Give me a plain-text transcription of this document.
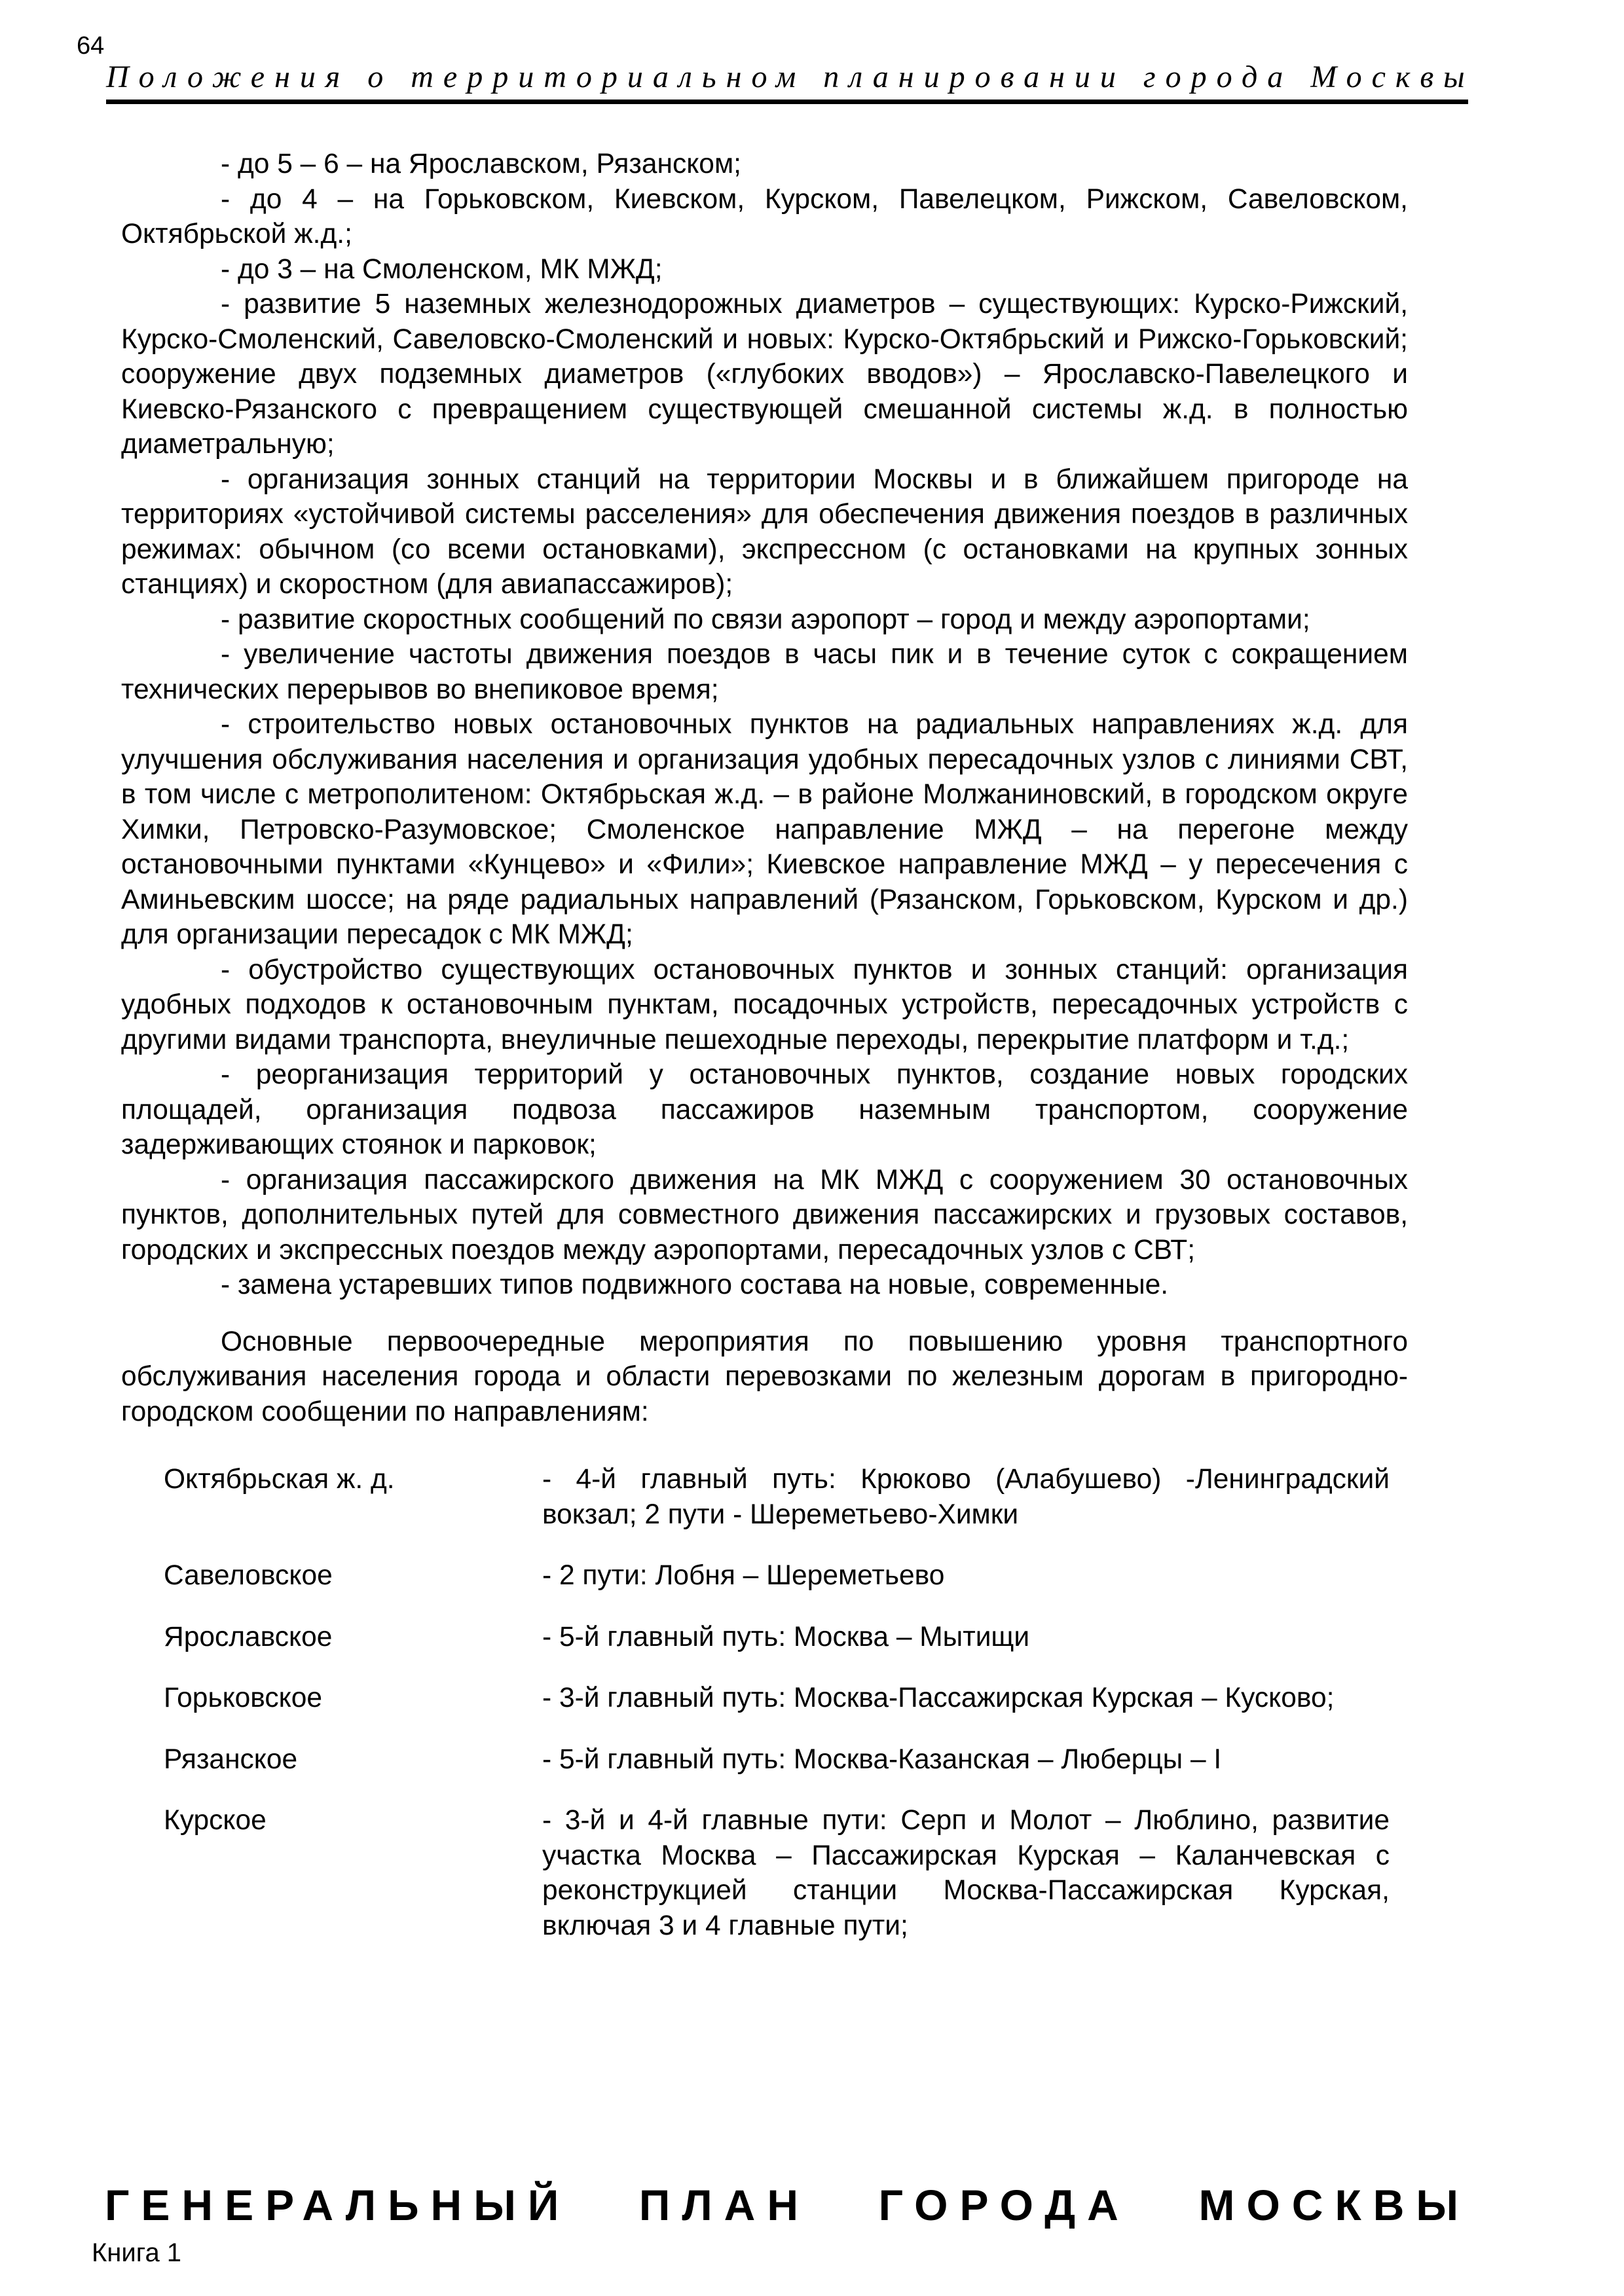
64
Положения о территориальном планировании города Москвы

- до 5 – 6 – на Ярославском, Рязанском;

- до 4 – на Горьковском, Киевском, Курском, Павелецком, Рижском, Савеловском, Октябрьской ж.д.;

- до 3 – на Смоленском, МК МЖД;

- развитие 5 наземных железнодорожных диаметров – существующих: Курско-Рижский, Курско-Смоленский, Савеловско-Смоленский и новых: Курско-Октябрьский и Рижско-Горьковский; сооружение двух подземных диаметров («глубоких вводов») – Ярославско-Павелецкого и Киевско-Рязанского с превращением существующей смешанной системы ж.д. в полностью диаметральную;

- организация зонных станций на территории Москвы и в ближайшем пригороде на территориях «устойчивой системы расселения» для обеспечения движения поездов в различных режимах: обычном (со всеми остановками), экспрессном (с остановками на крупных зонных станциях) и скоростном (для авиапассажиров);

- развитие скоростных сообщений по связи аэропорт – город и между аэропортами;

- увеличение частоты движения поездов в часы пик и в течение суток с сокращением технических перерывов во внепиковое время;

- строительство новых остановочных пунктов на радиальных направлениях ж.д. для улучшения обслуживания населения и организация удобных пересадочных узлов с линиями СВТ, в том числе с метрополитеном: Октябрьская ж.д. – в районе Молжаниновский, в городском округе Химки, Петровско-Разумовское; Смоленское направление МЖД – на перегоне между остановочными пунктами «Кунцево» и «Фили»; Киевское направление МЖД – у пересечения с Аминьевским шоссе; на ряде радиальных направлений (Рязанском, Горьковском, Курском и др.) для организации пересадок с МК МЖД;

- обустройство существующих остановочных пунктов и зонных станций: организация удобных подходов к остановочным пунктам, посадочных устройств, пересадочных устройств с другими видами транспорта, внеуличные пешеходные переходы, перекрытие платформ и т.д.;

- реорганизация территорий у остановочных пунктов, создание новых городских площадей, организация подвоза пассажиров наземным транспортом, сооружение задерживающих стоянок и парковок;

- организация пассажирского движения на МК МЖД с сооружением 30 остановочных пунктов, дополнительных путей для совместного движения пассажирских и грузовых составов, городских и экспрессных поездов между аэропортами, пересадочных узлов с СВТ;

- замена устаревших типов подвижного состава на новые, современные.

Основные первоочередные мероприятия по повышению уровня транспортного обслуживания населения города и области перевозками по железным дорогам в пригородно-городском сообщении по направлениям:

Октябрьская ж. д.	- 4-й главный путь: Крюково (Алабушево) -Ленинградский вокзал; 2 пути - Шереметьево-Химки
Савеловское	- 2 пути: Лобня – Шереметьево
Ярославское	- 5-й главный путь: Москва – Мытищи
Горьковское	- 3-й главный путь: Москва-Пассажирская Курская – Кусково;
Рязанское	- 5-й главный путь: Москва-Казанская – Люберцы – I
Курское	- 3-й и 4-й главные пути: Серп и Молот – Люблино, развитие участка Москва – Пассажирская Курская – Каланчевская с реконструкцией станции Москва-Пассажирская Курская, включая 3 и 4 главные пути;
ГЕНЕРАЛЬНЫЙ ПЛАН ГОРОДА МОСКВЫ
Книга 1
